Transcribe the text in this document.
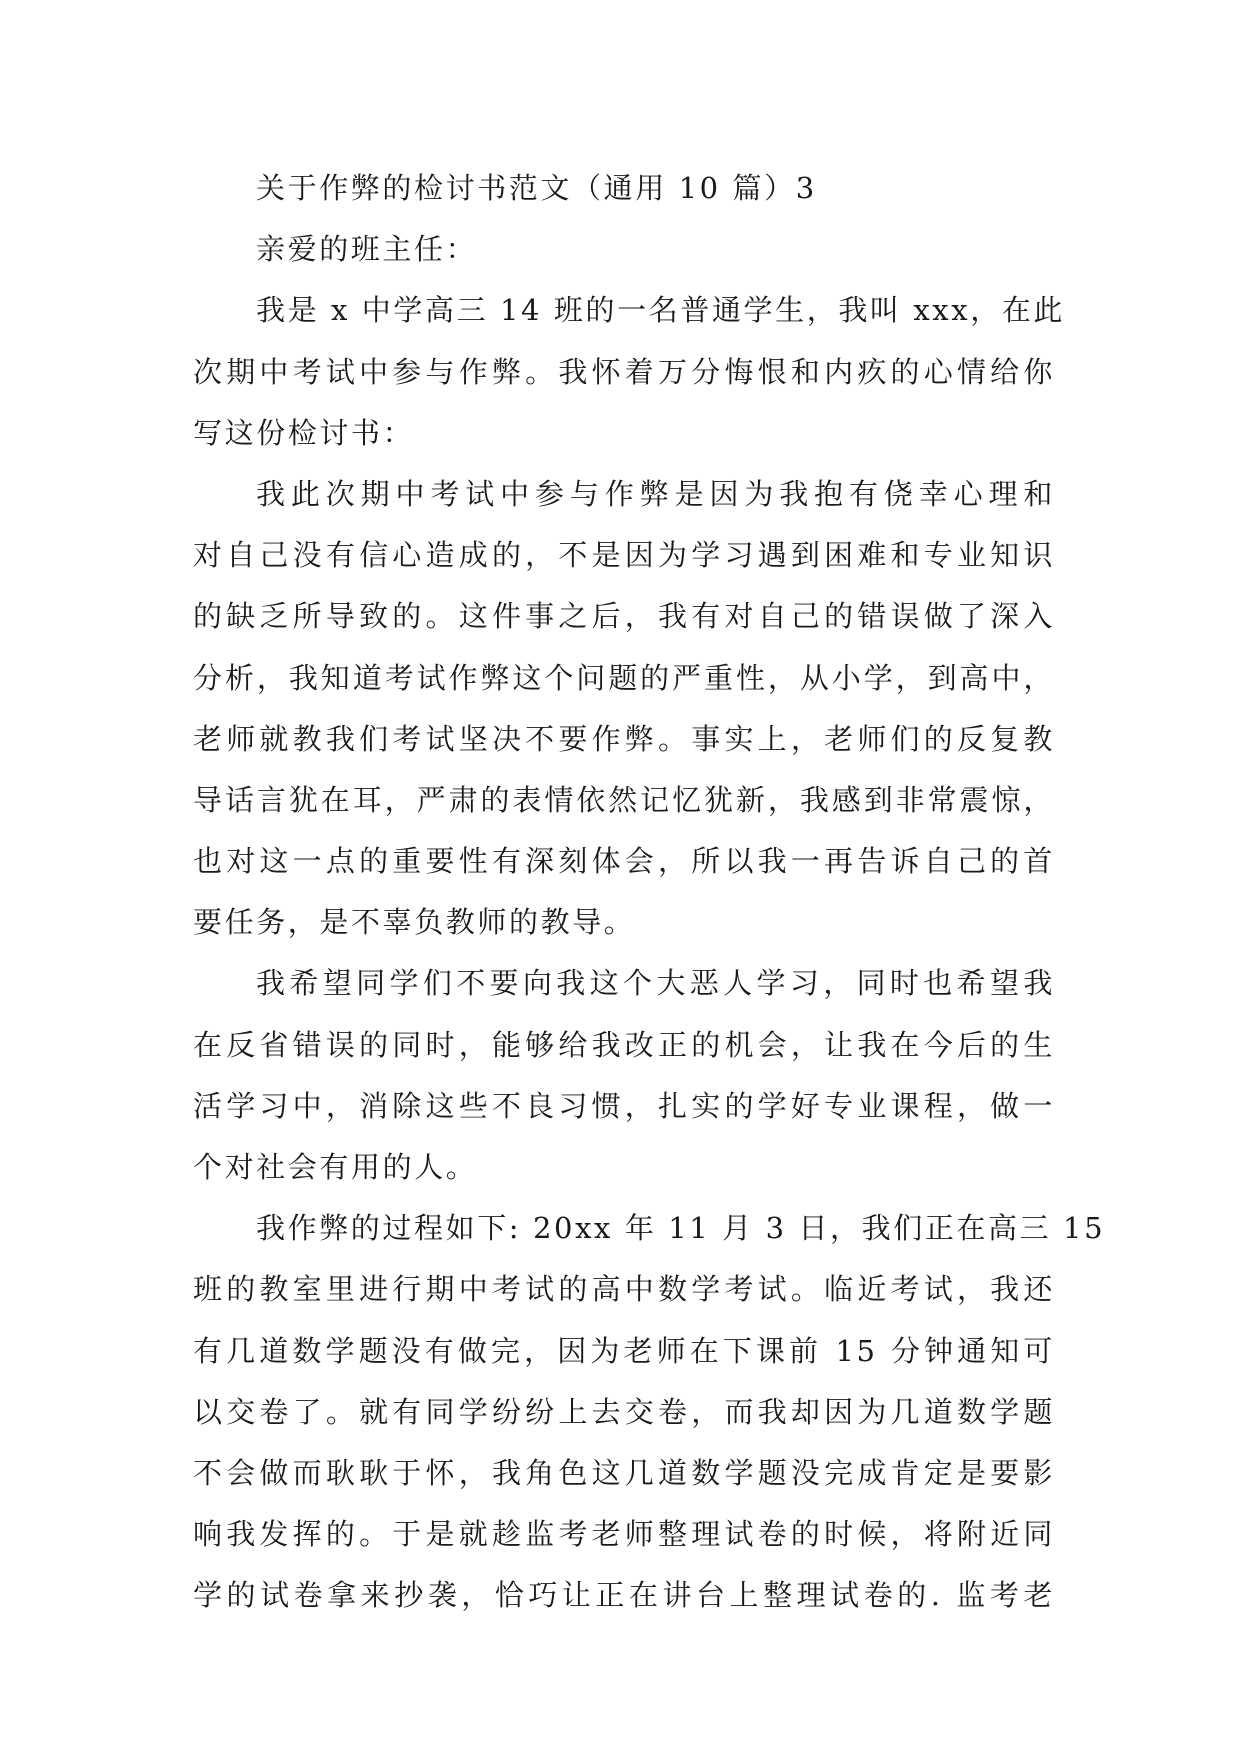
关于作弊的检讨书范文（通用 10 篇）3
亲爱的班主任：
我是 x 中学高三 14 班的一名普通学生，我叫 xxx，在此
次期中考试中参与作弊。我怀着万分悔恨和内疚的心情给你
写这份检讨书：
我此次期中考试中参与作弊是因为我抱有侥幸心理和
对自己没有信心造成的，不是因为学习遇到困难和专业知识
的缺乏所导致的。这件事之后，我有对自己的错误做了深入
分析，我知道考试作弊这个问题的严重性，从小学，到高中，
老师就教我们考试坚决不要作弊。事实上，老师们的反复教
导话言犹在耳，严肃的表情依然记忆犹新，我感到非常震惊，
也对这一点的重要性有深刻体会，所以我一再告诉自己的首
要任务，是不辜负教师的教导。
我希望同学们不要向我这个大恶人学习，同时也希望我
在反省错误的同时，能够给我改正的机会，让我在今后的生
活学习中，消除这些不良习惯，扎实的学好专业课程，做一
个对社会有用的人。
我作弊的过程如下: 20xx 年 11 月 3 日，我们正在高三 15
班的教室里进行期中考试的高中数学考试。临近考试，我还
有几道数学题没有做完，因为老师在下课前 15 分钟通知可
以交卷了。就有同学纷纷上去交卷，而我却因为几道数学题
不会做而耿耿于怀，我角色这几道数学题没完成肯定是要影
响我发挥的。于是就趁监考老师整理试卷的时候，将附近同
学的试卷拿来抄袭，恰巧让正在讲台上整理试卷的. 监考老
